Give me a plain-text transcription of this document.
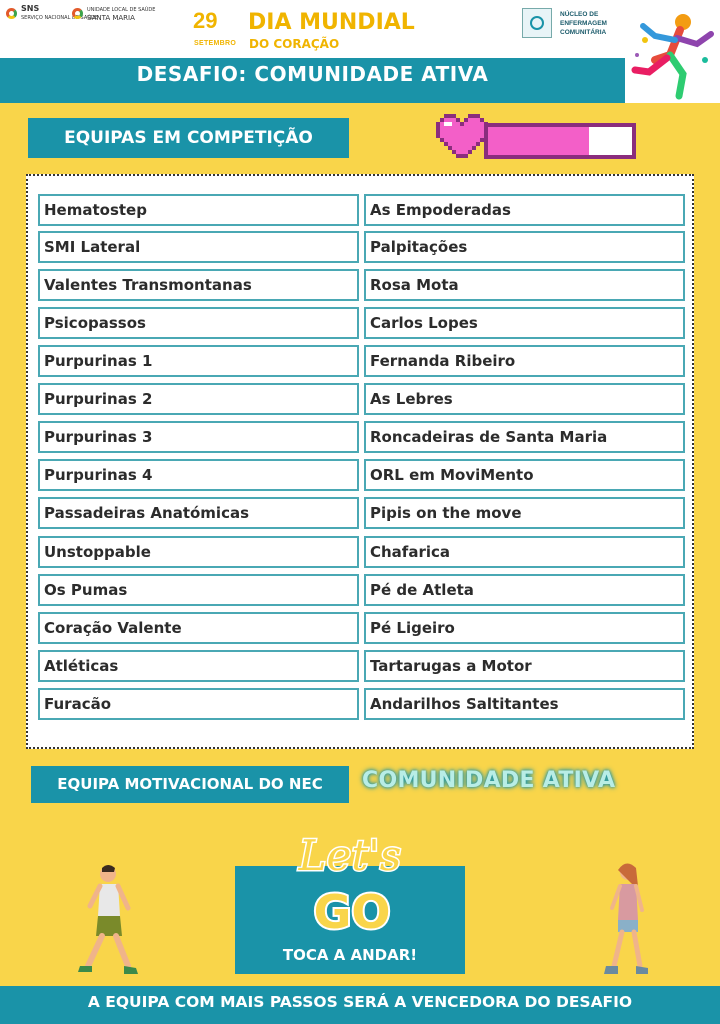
SNS
SERVIÇO NACIONAL DE SAÚDE
UNIDADE LOCAL DE SAÚDE
SANTA MARIA	29
SETEMBRO
DIA MUNDIAL
DO CORAÇÃO
NÚCLEO DE ENFERMAGEM COMUNITÁRIA
DESAFIO: COMUNIDADE ATIVA
EQUIPAS EM COMPETIÇÃO
Hematostep
SMI Lateral
Valentes Transmontanas
Psicopassos
Purpurinas 1
Purpurinas 2
Purpurinas 3
Purpurinas 4
Passadeiras Anatómicas
Unstoppable
Os Pumas
Coração Valente
Atléticas
Furacão
As Empoderadas
Palpitações
Rosa Mota
Carlos Lopes
Fernanda Ribeiro
As Lebres
Roncadeiras de Santa Maria
ORL em MoviMento
Pipis on the move
Chafarica
Pé de Atleta
Pé Ligeiro
Tartarugas a Motor
Andarilhos Saltitantes
EQUIPA MOTIVACIONAL DO NEC	COMUNIDADE ATIVA
Let's
GO
TOCA A ANDAR!
A EQUIPA COM MAIS PASSOS SERÁ A VENCEDORA DO DESAFIO
